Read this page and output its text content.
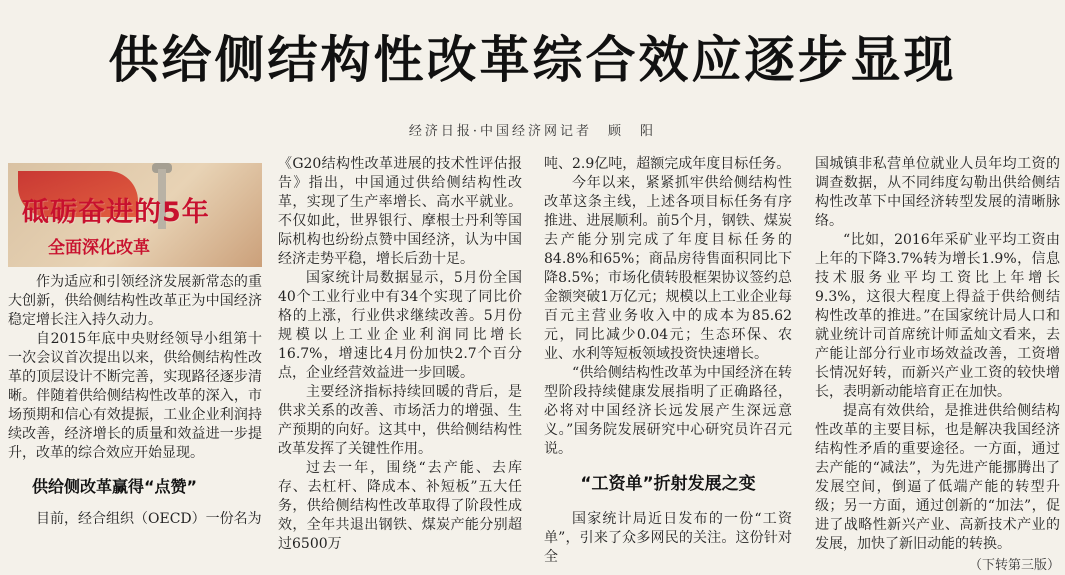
供给侧结构性改革综合效应逐步显现
经济日报·中国经济网记者　顾　阳
砥砺奋进的5年
全面深化改革

作为适应和引领经济发展新常态的重大创新，供给侧结构性改革正为中国经济稳定增长注入持久动力。

自2015年底中央财经领导小组第十一次会议首次提出以来，供给侧结构性改革的顶层设计不断完善，实现路径逐步清晰。伴随着供给侧结构性改革的深入，市场预期和信心有效提振，工业企业利润持续改善，经济增长的质量和效益进一步提升，改革的综合效应开始显现。

供给侧改革赢得“点赞”

目前，经合组织（OECD）一份名为

《G20结构性改革进展的技术性评估报告》指出，中国通过供给侧结构性改革，实现了生产率增长、高水平就业。不仅如此，世界银行、摩根士丹利等国际机构也纷纷点赞中国经济，认为中国经济走势平稳，增长后劲十足。

国家统计局数据显示，5月份全国40个工业行业中有34个实现了同比价格的上涨，行业供求继续改善。5月份规模以上工业企业利润同比增长16.7%，增速比4月份加快2.7个百分点，企业经营效益进一步回暖。

主要经济指标持续回暖的背后，是供求关系的改善、市场活力的增强、生产预期的向好。这其中，供给侧结构性改革发挥了关键性作用。

过去一年，围绕“去产能、去库存、去杠杆、降成本、补短板”五大任务，供给侧结构性改革取得了阶段性成效，全年共退出钢铁、煤炭产能分别超过6500万

吨、2.9亿吨，超额完成年度目标任务。

今年以来，紧紧抓牢供给侧结构性改革这条主线，上述各项目标任务有序推进、进展顺利。前5个月，钢铁、煤炭去产能分别完成了年度目标任务的84.8%和65%；商品房待售面积同比下降8.5%；市场化债转股框架协议签约总金额突破1万亿元；规模以上工业企业每百元主营业务收入中的成本为85.62元，同比减少0.04元；生态环保、农业、水利等短板领域投资快速增长。

“供给侧结构性改革为中国经济在转型阶段持续健康发展指明了正确路径，必将对中国经济长远发展产生深远意义。”国务院发展研究中心研究员许召元说。

“工资单”折射发展之变

国家统计局近日发布的一份“工资单”，引来了众多网民的关注。这份针对全

国城镇非私营单位就业人员年均工资的调查数据，从不同纬度勾勒出供给侧结构性改革下中国经济转型发展的清晰脉络。

“比如，2016年采矿业平均工资由上年的下降3.7%转为增长1.9%，信息技术服务业平均工资比上年增长9.3%，这很大程度上得益于供给侧结构性改革的推进。”在国家统计局人口和就业统计司首席统计师孟灿文看来，去产能让部分行业市场效益改善，工资增长情况好转，而新兴产业工资的较快增长，表明新动能培育正在加快。

提高有效供给，是推进供给侧结构性改革的主要目标，也是解决我国经济结构性矛盾的重要途径。一方面，通过去产能的“减法”，为先进产能挪腾出了发展空间，倒逼了低端产能的转型升级；另一方面，通过创新的“加法”，促进了战略性新兴产业、高新技术产业的发展，加快了新旧动能的转换。

（下转第三版）
